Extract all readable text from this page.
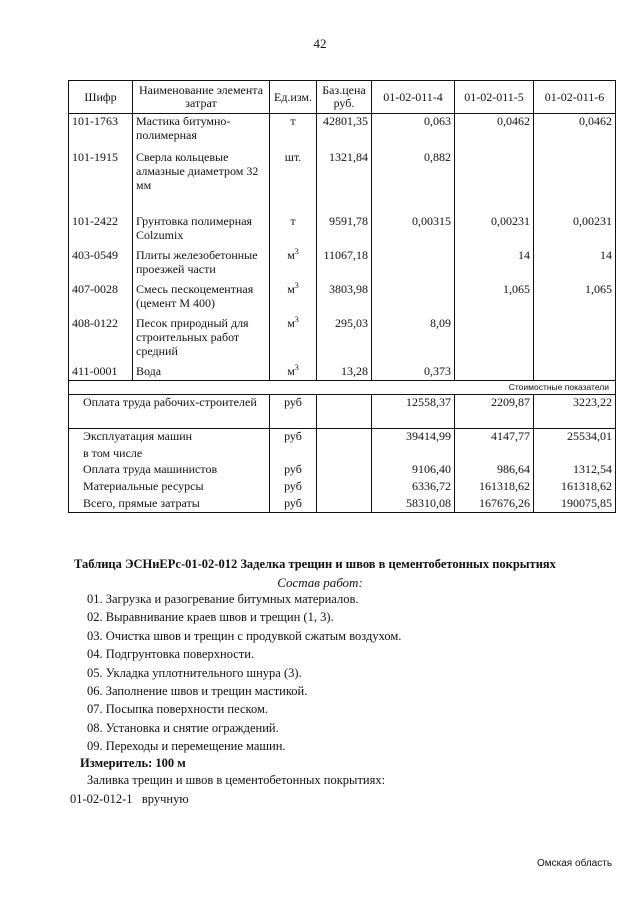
42
Шифр	Наименование элемента затрат	Ед.изм.	Баз.цена руб.	01-02-011-4	01-02-011-5	01-02-011-6
101-1763	Мастика битумно-полимерная	т	42801,35	0,063	0,0462	0,0462
101-1915	Сверла кольцевые алмазные диаметром 32 мм	шт.	1321,84	0,882		
101-2422	Грунтовка полимерная Colzumix	т	9591,78	0,00315	0,00231	0,00231
403-0549	Плиты железобетонные проезжей части	$м^3$	11067,18		14	14
407-0028	Смесь пескоцементная (цемент М 400)	$м^3$	3803,98		1,065	1,065
408-0122	Песок природный для строительных работ средний	$м^3$	295,03	8,09		
411-0001	Вода	$м^3$	13,28	0,373		

Стоимостные показатели						

Оплата труда рабочих-строителей		руб		12558,37	2209,87	3223,22
Эксплуатация машин		руб		39414,99	4147,77	25534,01
в том числе						
Оплата труда машинистов		руб		9106,40	986,64	1312,54
Материальные ресурсы		руб		6336,72	161318,62	161318,62
Всего, прямые затраты		руб		58310,08	167676,26	190075,85
Таблица ЭСНиЕРс-01-02-012 Заделка трещин и швов в цементобетонных покрытиях
Состав работ:
01. Загрузка и разогревание битумных материалов.
02. Выравнивание краев швов и трещин (1, 3).
03. Очистка швов и трещин с продувкой сжатым воздухом.
04. Подгрунтовка поверхности.
05. Укладка уплотнительного шнура (3).
06. Заполнение швов и трещин мастикой.
07. Посыпка поверхности песком.
08. Установка и снятие ограждений.
09. Переходы и перемещение машин.
Измеритель: 100 м
Заливка трещин и швов в цементобетонных покрытиях:
01-02-012-1   вручную
Омская область
